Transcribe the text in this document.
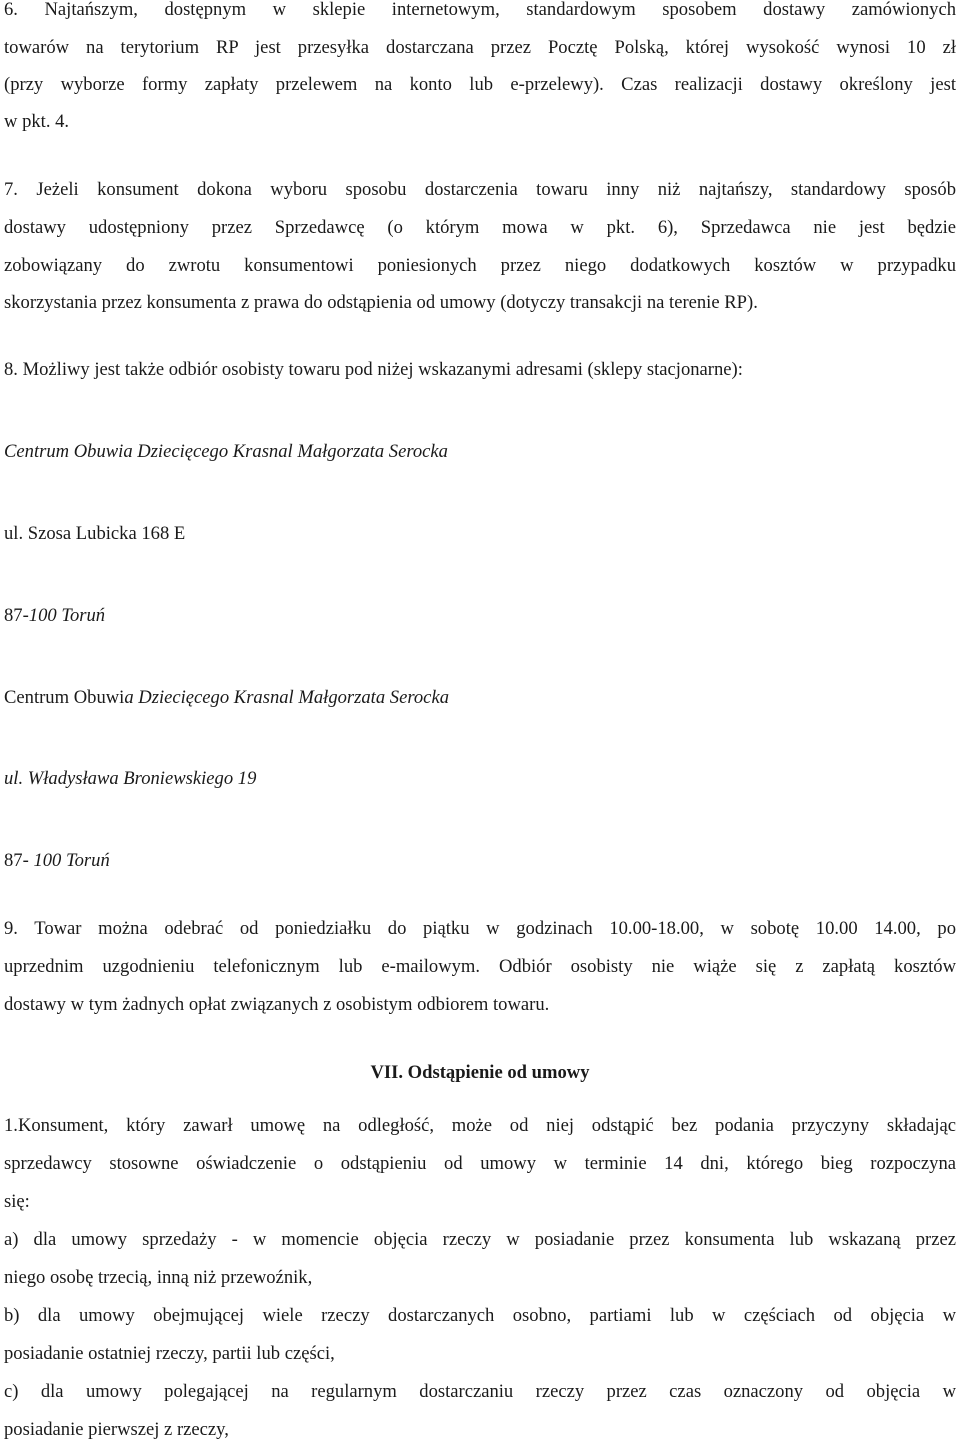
6. Najtańszym, dostępnym w sklepie internetowym, standardowym sposobem dostawy zamówionych
towarów na terytorium RP jest przesyłka dostarczana przez Pocztę Polską, której wysokość wynosi 10 zł
(przy wyborze formy zapłaty przelewem na konto lub e-przelewy). Czas realizacji dostawy określony jest
w pkt. 4.
7. Jeżeli konsument dokona wyboru sposobu dostarczenia towaru inny niż najtańszy, standardowy sposób
dostawy udostępniony przez Sprzedawcę (o którym mowa w pkt. 6), Sprzedawca nie jest będzie
zobowiązany do zwrotu konsumentowi poniesionych przez niego dodatkowych kosztów w przypadku
skorzystania przez konsumenta z prawa do odstąpienia od umowy (dotyczy transakcji na terenie RP).
8. Możliwy jest także odbiór osobisty towaru pod niżej wskazanymi adresami (sklepy stacjonarne):
Centrum Obuwia Dziecięcego Krasnal Małgorzata Serocka
ul. Szosa Lubicka 168 E
87-100 Toruń
Centrum Obuwia Dziecięcego Krasnal Małgorzata Serocka
ul. Władysława Broniewskiego 19
87- 100 Toruń
9. Towar można odebrać od poniedziałku do piątku w godzinach 10.00-18.00, w sobotę 10.00 14.00, po
uprzednim uzgodnieniu telefonicznym lub e-mailowym. Odbiór osobisty nie wiąże się z zapłatą kosztów
dostawy w tym żadnych opłat związanych z osobistym odbiorem towaru.
VII. Odstąpienie od umowy
1.Konsument, który zawarł umowę na odległość, może od niej odstąpić bez podania przyczyny składając
sprzedawcy stosowne oświadczenie o odstąpieniu od umowy w terminie 14 dni, którego bieg rozpoczyna
się:
a) dla umowy sprzedaży - w momencie objęcia rzeczy w posiadanie przez konsumenta lub wskazaną przez
niego osobę trzecią, inną niż przewoźnik,
b) dla umowy obejmującej wiele rzeczy dostarczanych osobno, partiami lub w częściach od objęcia w
posiadanie ostatniej rzeczy, partii lub części,
c) dla umowy polegającej na regularnym dostarczaniu rzeczy przez czas oznaczony od objęcia w
posiadanie pierwszej z rzeczy,
